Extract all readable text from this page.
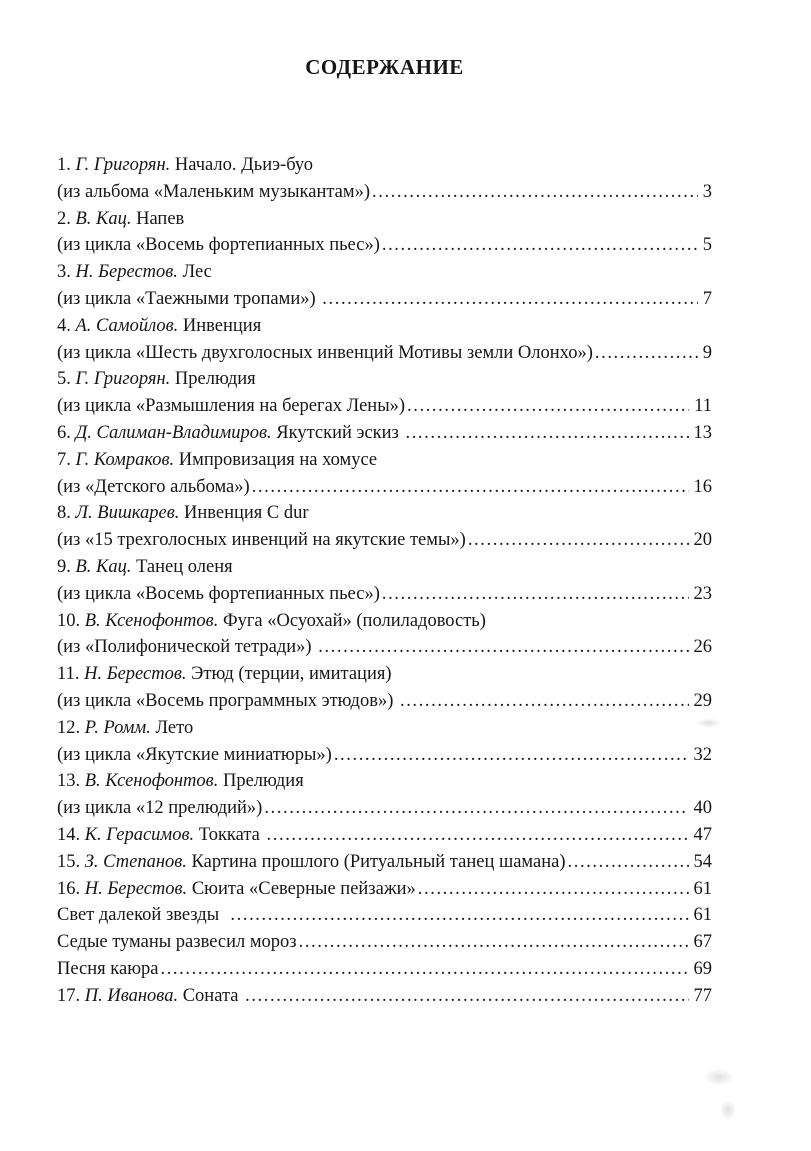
СОДЕРЖАНИЕ
1. Г. Григорян. Начало. Дьиэ-буо
(из альбома «Маленьким музыкантам») .....	3
2. В. Кац. Напев
(из цикла «Восемь фортепианных пьес») .....	5
3. Н. Берестов. Лес
(из цикла «Таежными тропами») .....	7
4. А. Самойлов. Инвенция
(из цикла «Шесть двухголосных инвенций Мотивы земли Олонхо») .....	9
5. Г. Григорян. Прелюдия
(из цикла «Размышления на берегах Лены») .....	11
6. Д. Салиман-Владимиров. Якутский эскиз .....	13
7. Г. Комраков. Импровизация на хомусе
(из «Детского альбома») .....	16
8. Л. Вишкарев. Инвенция C dur
(из «15 трехголосных инвенций на якутские темы») .....	20
9. В. Кац. Танец оленя
(из цикла «Восемь фортепианных пьес») .....	23
10. В. Ксенофонтов. Фуга «Осуохай» (полиладовость)
(из «Полифонической тетради») .....	26
11. Н. Берестов. Этюд (терции, имитация)
(из цикла «Восемь программных этюдов») .....	29
12. Р. Ромм. Лето
(из цикла «Якутские миниатюры») .....	32
13. В. Ксенофонтов. Прелюдия
(из цикла «12 прелюдий») .....	40
14. К. Герасимов. Токката .....	47
15. З. Степанов. Картина прошлого (Ритуальный танец шамана) .....	54
16. Н. Берестов. Сюита «Северные пейзажи» .....	61
Свет далекой звезды .....	61
Седые туманы развесил мороз .....	67
Песня каюра .....	69
17. П. Иванова. Соната .....	77
